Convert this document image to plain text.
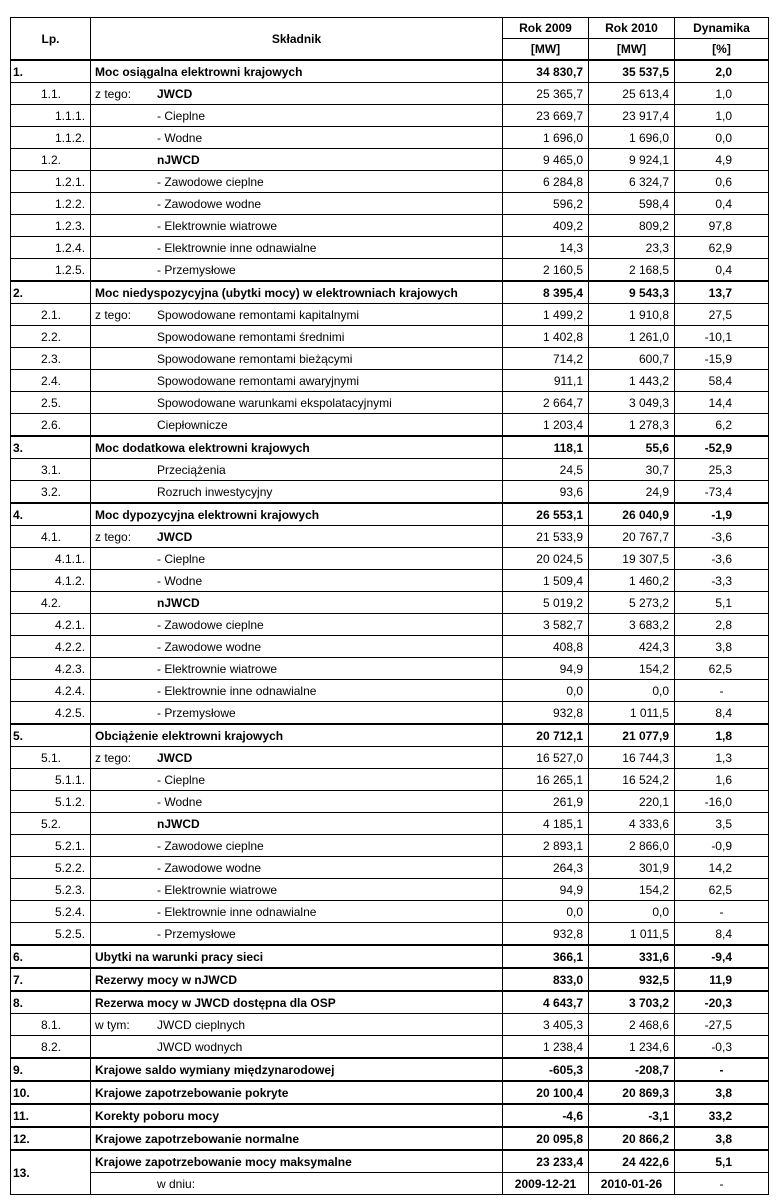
Lp.	Składnik	Rok 2009	Rok 2010	Dynamika
		[MW]	[MW]	[%]
1.	Moc osiągalna elektrowni krajowych	34 830,7	35 537,5	2,0
1.1.	z tego: JWCD	25 365,7	25 613,4	1,0
1.1.1.	- Cieplne	23 669,7	23 917,4	1,0
1.1.2.	- Wodne	1 696,0	1 696,0	0,0
1.2.	nJWCD	9 465,0	9 924,1	4,9
1.2.1.	- Zawodowe cieplne	6 284,8	6 324,7	0,6
1.2.2.	- Zawodowe wodne	596,2	598,4	0,4
1.2.3.	- Elektrownie wiatrowe	409,2	809,2	97,8
1.2.4.	- Elektrownie inne odnawialne	14,3	23,3	62,9
1.2.5.	- Przemysłowe	2 160,5	2 168,5	0,4
2.	Moc niedyspozycyjna (ubytki mocy) w elektrowniach krajowych	8 395,4	9 543,3	13,7
2.1.	z tego: Spowodowane remontami kapitalnymi	1 499,2	1 910,8	27,5
2.2.	Spowodowane remontami średnimi	1 402,8	1 261,0	-10,1
2.3.	Spowodowane remontami bieżącymi	714,2	600,7	-15,9
2.4.	Spowodowane remontami awaryjnymi	911,1	1 443,2	58,4
2.5.	Spowodowane warunkami ekspolatacyjnymi	2 664,7	3 049,3	14,4
2.6.	Ciepłownicze	1 203,4	1 278,3	6,2
3.	Moc dodatkowa elektrowni krajowych	118,1	55,6	-52,9
3.1.	Przeciążenia	24,5	30,7	25,3
3.2.	Rozruch inwestycyjny	93,6	24,9	-73,4
4.	Moc dypozycyjna elektrowni krajowych	26 553,1	26 040,9	-1,9
4.1.	z tego: JWCD	21 533,9	20 767,7	-3,6
4.1.1.	- Cieplne	20 024,5	19 307,5	-3,6
4.1.2.	- Wodne	1 509,4	1 460,2	-3,3
4.2.	nJWCD	5 019,2	5 273,2	5,1
4.2.1.	- Zawodowe cieplne	3 582,7	3 683,2	2,8
4.2.2.	- Zawodowe wodne	408,8	424,3	3,8
4.2.3.	- Elektrownie wiatrowe	94,9	154,2	62,5
4.2.4.	- Elektrownie inne odnawialne	0,0	0,0	-
4.2.5.	- Przemysłowe	932,8	1 011,5	8,4
5.	Obciążenie elektrowni krajowych	20 712,1	21 077,9	1,8
5.1.	z tego: JWCD	16 527,0	16 744,3	1,3
5.1.1.	- Cieplne	16 265,1	16 524,2	1,6
5.1.2.	- Wodne	261,9	220,1	-16,0
5.2.	nJWCD	4 185,1	4 333,6	3,5
5.2.1.	- Zawodowe cieplne	2 893,1	2 866,0	-0,9
5.2.2.	- Zawodowe wodne	264,3	301,9	14,2
5.2.3.	- Elektrownie wiatrowe	94,9	154,2	62,5
5.2.4.	- Elektrownie inne odnawialne	0,0	0,0	-
5.2.5.	- Przemysłowe	932,8	1 011,5	8,4
6.	Ubytki na warunki pracy sieci	366,1	331,6	-9,4
7.	Rezerwy mocy w nJWCD	833,0	932,5	11,9
8.	Rezerwa mocy w JWCD dostępna dla OSP	4 643,7	3 703,2	-20,3
8.1.	w tym: JWCD cieplnych	3 405,3	2 468,6	-27,5
8.2.	JWCD wodnych	1 238,4	1 234,6	-0,3
9.	Krajowe saldo wymiany międzynarodowej	-605,3	-208,7	-
10.	Krajowe zapotrzebowanie pokryte	20 100,4	20 869,3	3,8
11.	Korekty poboru mocy	-4,6	-3,1	33,2
12.	Krajowe zapotrzebowanie normalne	20 095,8	20 866,2	3,8
13.	Krajowe zapotrzebowanie mocy maksymalne	23 233,4	24 422,6	5,1
	w dniu:	2009-12-21	2010-01-26	-
